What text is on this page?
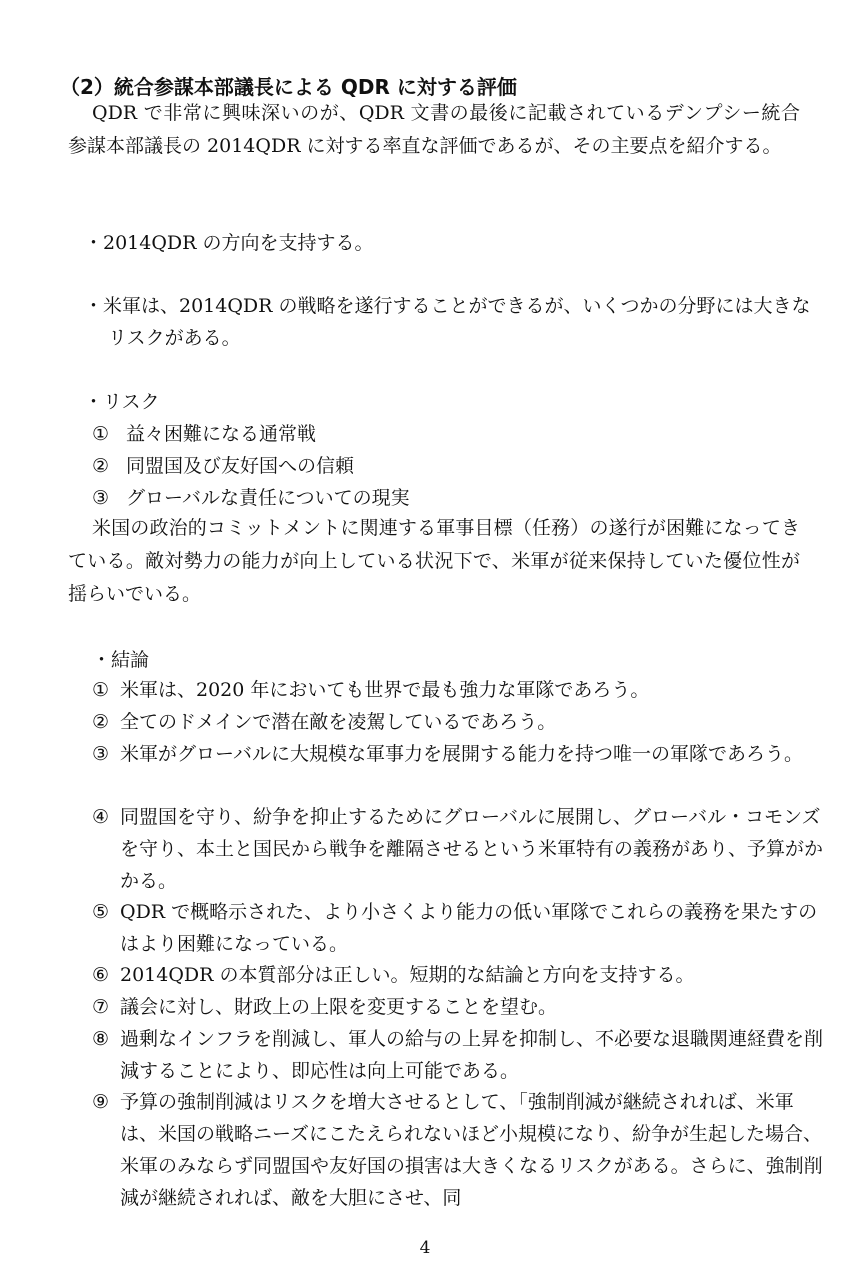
（2）統合参謀本部議長による QDR に対する評価
QDR で非常に興味深いのが、QDR 文書の最後に記載されているデンプシー統合参謀本部議長の 2014QDR に対する率直な評価であるが、その主要点を紹介する。
・2014QDR の方向を支持する。
・米軍は、2014QDR の戦略を遂行することができるが、いくつかの分野には大きなリスクがある。
・リスク
① 益々困難になる通常戦
② 同盟国及び友好国への信頼
③ グローバルな責任についての現実
米国の政治的コミットメントに関連する軍事目標（任務）の遂行が困難になってきている。敵対勢力の能力が向上している状況下で、米軍が従来保持していた優位性が揺らいでいる。
・結論
① 米軍は、2020 年においても世界で最も強力な軍隊であろう。
② 全てのドメインで潜在敵を凌駕しているであろう。
③ 米軍がグローバルに大規模な軍事力を展開する能力を持つ唯一の軍隊であろう。
④ 同盟国を守り、紛争を抑止するためにグローバルに展開し、グローバル・コモンズを守り、本土と国民から戦争を離隔させるという米軍特有の義務があり、予算がかかる。
⑤ QDR で概略示された、より小さくより能力の低い軍隊でこれらの義務を果たすのはより困難になっている。
⑥ 2014QDR の本質部分は正しい。短期的な結論と方向を支持する。
⑦ 議会に対し、財政上の上限を変更することを望む。
⑧ 過剰なインフラを削減し、軍人の給与の上昇を抑制し、不必要な退職関連経費を削減することにより、即応性は向上可能である。
⑨ 予算の強制削減はリスクを増大させるとして、「強制削減が継続されれば、米軍は、米国の戦略ニーズにこたえられないほど小規模になり、紛争が生起した場合、米軍のみならず同盟国や友好国の損害は大きくなるリスクがある。さらに、強制削減が継続されれば、敵を大胆にさせ、同
4
